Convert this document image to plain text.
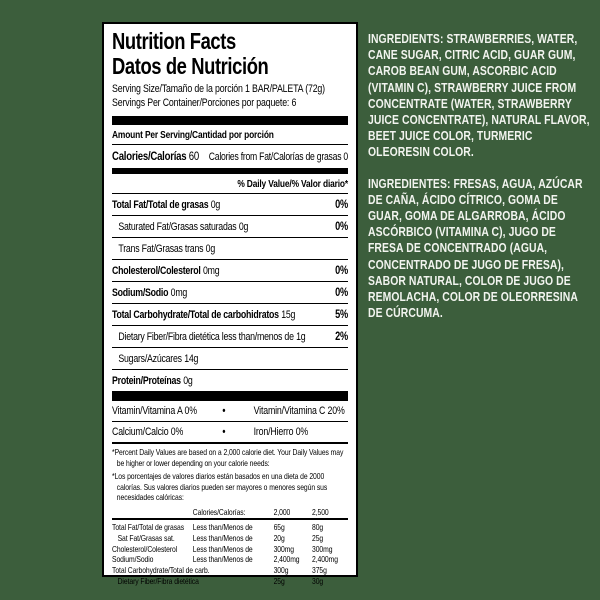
Nutrition Facts
Datos de Nutrición
Serving Size/Tamaño de la porción 1 BAR/PALETA (72g)
Servings Per Container/Porciones por paquete: 6
Amount Per Serving/Cantidad por porción
Calories/Calorías 60 Calories from Fat/Calorías de grasas 0
% Daily Value/% Valor diario*
Total Fat/Total de grasas 0g	0%
Saturated Fat/Grasas saturadas 0g	0%
Trans Fat/Grasas trans 0g
Cholesterol/Colesterol 0mg	0%
Sodium/Sodio 0mg	0%
Total Carbohydrate/Total de carbohidratos 15g	5%
Dietary Fiber/Fibra dietética less than/menos de 1g	2%
Sugars/Azúcares 14g
Protein/Proteínas 0g
Vitamin/Vitamina A 0% •	Vitamin/Vitamina C 20%
Calcium/Calcio 0%	•	Iron/Hierro 0%
*Percent Daily Values are based on a 2,000 calorie diet. Your Daily Values may be higher or lower depending on your calorie needs:
*Los porcentajes de valores diarios están basados en una dieta de 2000 calorías. Sus valores diarios pueden ser mayores o menores según sus necesidades calóricas:
Calories/Calorías:	2,000	2,500
Total Fat/Total de grasas Less than/Menos de 65g	80g
Sat Fat/Grasas sat. Less than/Menos de 20g	25g
Cholesterol/Colesterol Less than/Menos de 300mg 300mg
Sodium/Sodio	Less than/Menos de 2,400mg 2,400mg
Total Carbohydrate/Total de carb.	300g	375g
Dietary Fiber/Fibra dietética	25g	30g
INGREDIENTS: STRAWBERRIES, WATER, CANE SUGAR, CITRIC ACID, GUAR GUM, CAROB BEAN GUM, ASCORBIC ACID (VITAMIN C), STRAWBERRY JUICE FROM CONCENTRATE (WATER, STRAWBERRY JUICE CONCENTRATE), NATURAL FLAVOR, BEET JUICE COLOR, TURMERIC OLEORESIN COLOR.
INGREDIENTES: FRESAS, AGUA, AZÚCAR DE CAÑA, ÁCIDO CÍTRICO, GOMA DE GUAR, GOMA DE ALGARROBA, ÁCIDO ASCÓRBICO (VITAMINA C), JUGO DE FRESA DE CONCENTRADO (AGUA, CONCENTRADO DE JUGO DE FRESA), SABOR NATURAL, COLOR DE JUGO DE REMOLACHA, COLOR DE OLEORRESINA DE CÚRCUMA.
